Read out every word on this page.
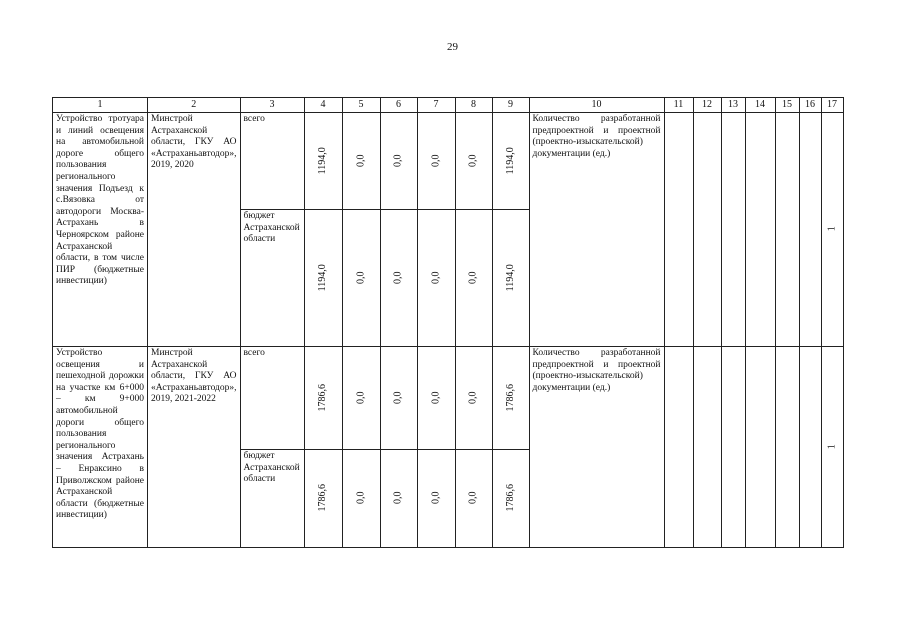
29
1	2	3	4	5	6	7	8	9	10	11	12	13	14	15	16	17
Устройство тротуара и линий освещения на автомобильной дороге общего пользования регионального значения Подъезд к с.Вязовка от автодороги Москва-Астрахань в Черноярском районе Астраханской области, в том числе ПИР (бюджетные инвестиции)	Минстрой Астраханской области, ГКУ АО «Астраханьавтодор», 2019, 2020	всего	1194,0	0,0	0,0	0,0	0,0	1194,0	Количество разработанной предпроектной и проектной (проектно-изыскательской) документации (ед.)							1
		бюджет Астраханской области	1194,0	0,0	0,0	0,0	0,0	1194,0								
Устройство освещения и пешеходной дорожки на участке км 6+000 – км 9+000 автомобильной дороги общего пользования регионального значения Астрахань – Енраксино в Приволжском районе Астраханской области (бюджетные инвестиции)	Минстрой Астраханской области, ГКУ АО «Астраханьавтодор», 2019, 2021-2022	всего	1786,6	0,0	0,0	0,0	0,0	1786,6	Количество разработанной предпроектной и проектной (проектно-изыскательской) документации (ед.)							1
		бюджет Астраханской области	1786,6	0,0	0,0	0,0	0,0	1786,6								
